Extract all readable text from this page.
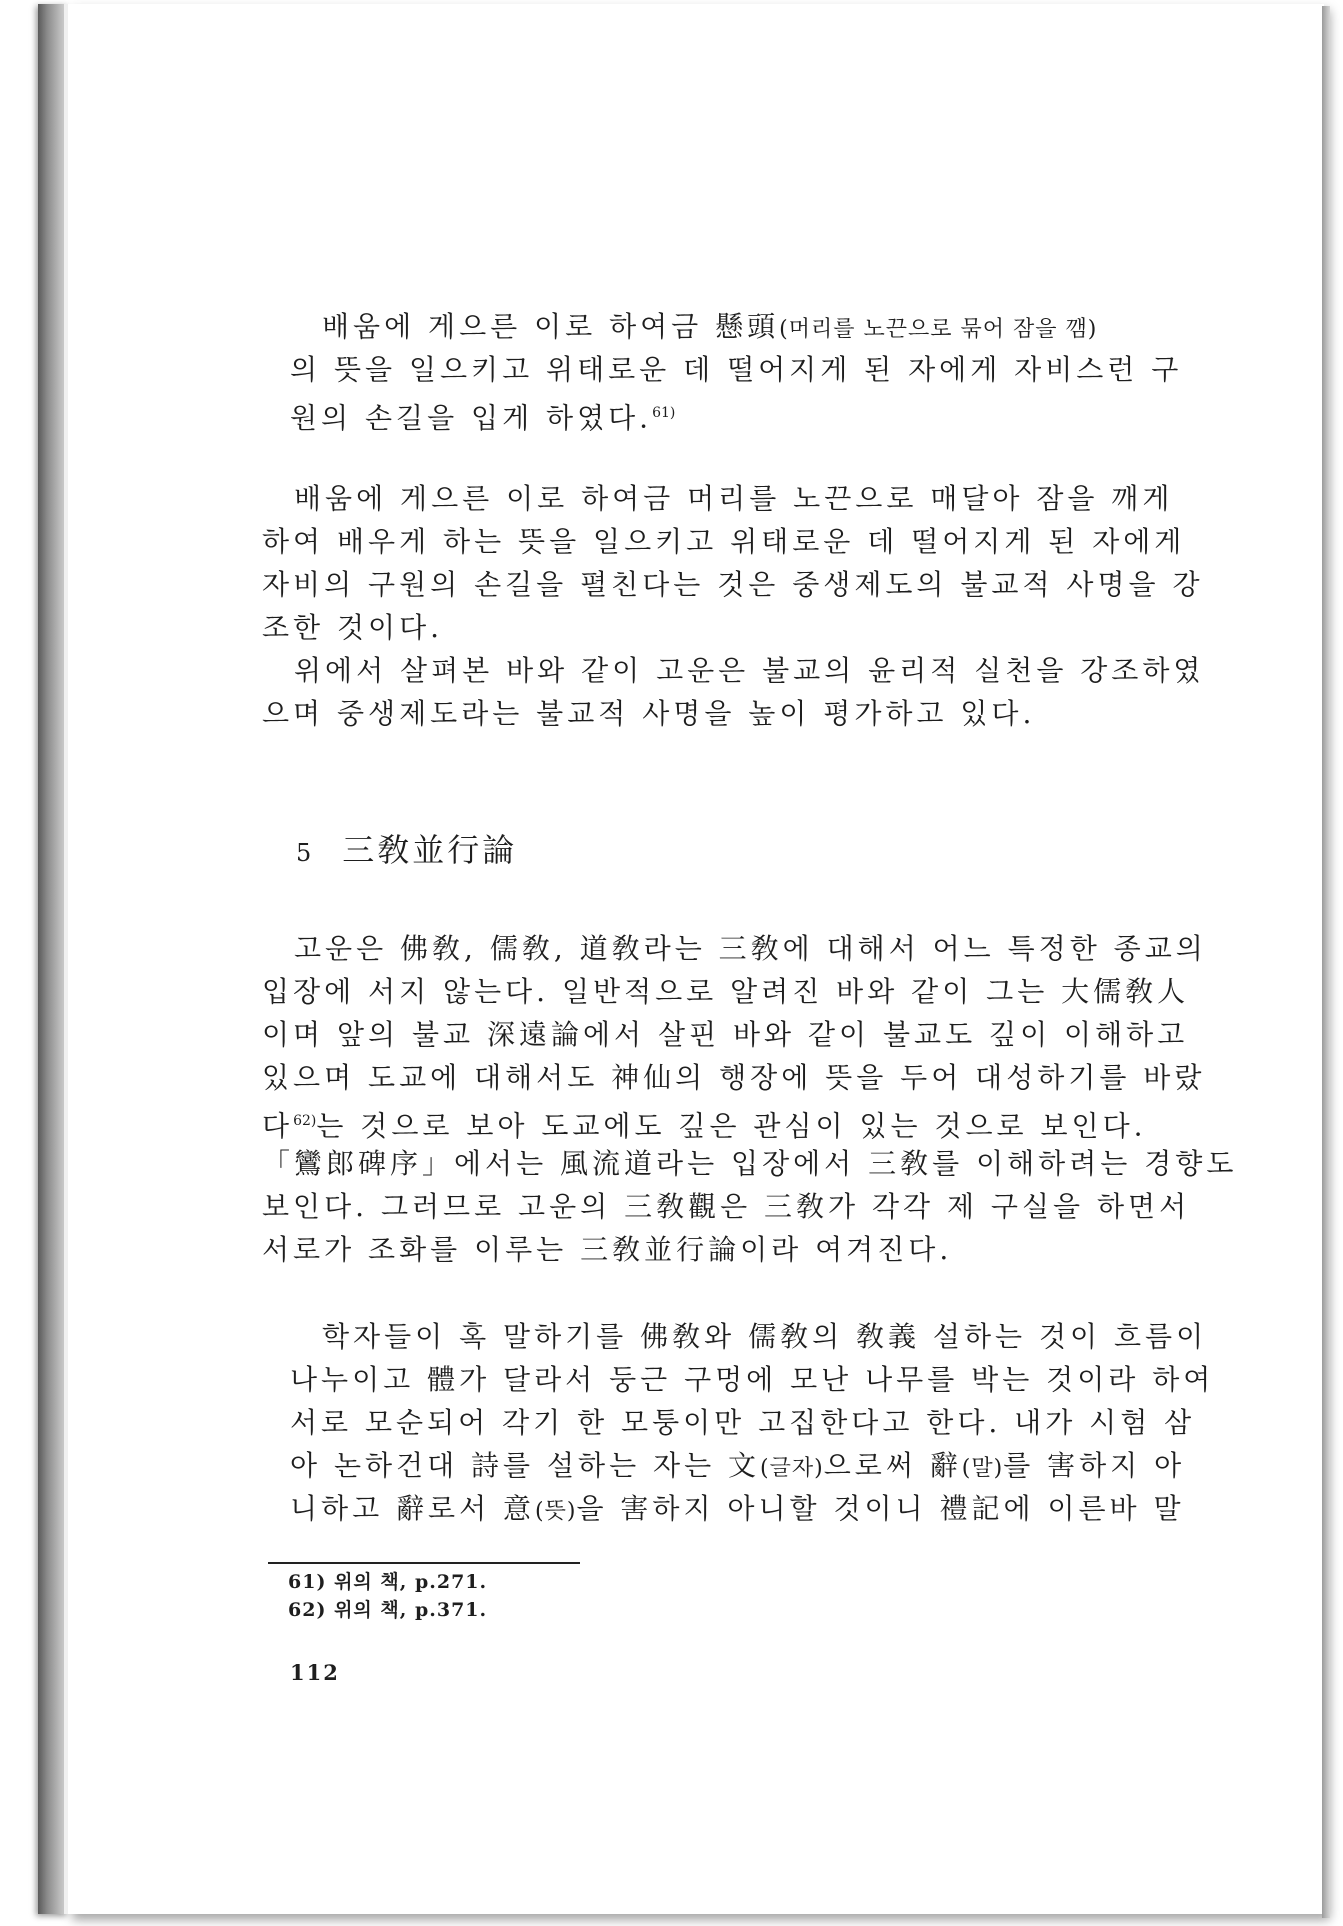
배움에 게으른 이로 하여금 懸頭(머리를 노끈으로 묶어 잠을 깸)
의 뜻을 일으키고 위태로운 데 떨어지게 된 자에게 자비스런 구
원의 손길을 입게 하였다.$^{61)}$
배움에 게으른 이로 하여금 머리를 노끈으로 매달아 잠을 깨게
하여 배우게 하는 뜻을 일으키고 위태로운 데 떨어지게 된 자에게
자비의 구원의 손길을 펼친다는 것은 중생제도의 불교적 사명을 강
조한 것이다.
위에서 살펴본 바와 같이 고운은 불교의 윤리적 실천을 강조하였
으며 중생제도라는 불교적 사명을 높이 평가하고 있다.
5 三敎並行論
고운은 佛敎, 儒敎, 道敎라는 三敎에 대해서 어느 특정한 종교의
입장에 서지 않는다. 일반적으로 알려진 바와 같이 그는 大儒敎人
이며 앞의 불교 深遠論에서 살핀 바와 같이 불교도 깊이 이해하고
있으며 도교에 대해서도 神仙의 행장에 뜻을 두어 대성하기를 바랐
다$^{62)}$는 것으로 보아 도교에도 깊은 관심이 있는 것으로 보인다.
「鸞郎碑序」에서는 風流道라는 입장에서 三敎를 이해하려는 경향도
보인다. 그러므로 고운의 三敎觀은 三敎가 각각 제 구실을 하면서
서로가 조화를 이루는 三敎並行論이라 여겨진다.
학자들이 혹 말하기를 佛敎와 儒敎의 敎義 설하는 것이 흐름이
나누이고 體가 달라서 둥근 구멍에 모난 나무를 박는 것이라 하여
서로 모순되어 각기 한 모퉁이만 고집한다고 한다. 내가 시험 삼
아 논하건대 詩를 설하는 자는 文(글자)으로써 辭(말)를 害하지 아
니하고 辭로서 意(뜻)을 害하지 아니할 것이니 禮記에 이른바 말
61) 위의 책, p.271.
62) 위의 책, p.371.
112
